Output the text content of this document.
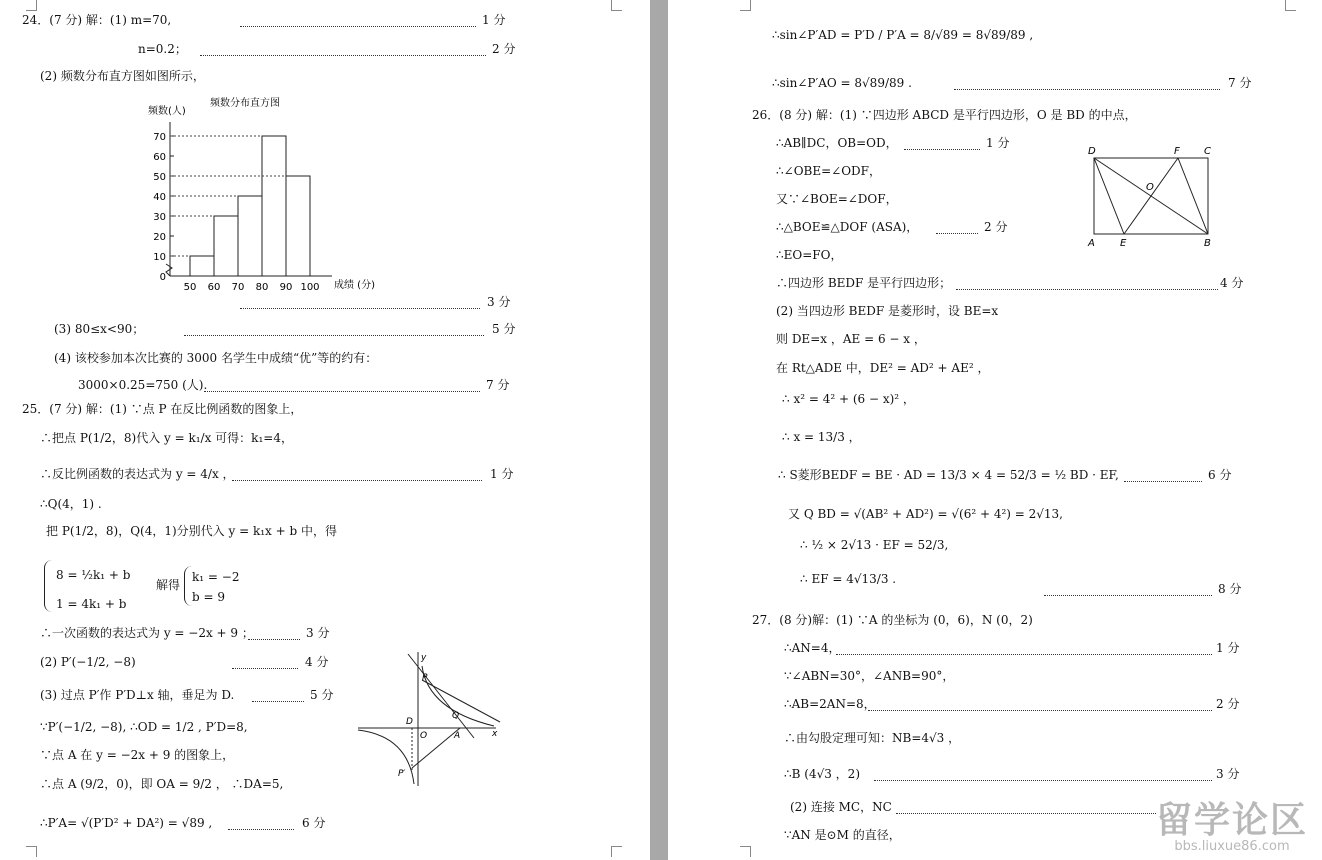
24．(7 分) 解：(1) m=70,	1 分
n=0.2；	2 分
(2) 频数分布直方图如图所示，
频数(人)
频数分布直方图
成绩 (分)
0
10
20
30
40
50
60
70
50 60 70 80 90 100
3 分
(3) 80≤x<90；	5 分
(4) 该校参加本次比赛的 3000 名学生中成绩“优”等的约有：
3000×0.25=750 (人).	7 分
25．(7 分) 解：(1) ∵点 P 在反比例函数的图象上，
∴把点 P(1/2，8)代入 y = k₁/x 可得：k₁=4，
∴反比例函数的表达式为 y = 4/x ，	1 分
∴Q(4，1) .
把 P(1/2，8)，Q(4，1)分别代入 y = k₁x + b 中，得
8 = ½k₁ + b
1 = 4k₁ + b
解得
k₁ = −2
b = 9
∴一次函数的表达式为 y = −2x + 9 ；	3 分
(2) P′(−1/2, −8)	4 分
(3) 过点 P′作 P′D⊥x 轴，垂足为 D.	5 分
∵P′(−1/2, −8), ∴OD = 1/2 , P′D=8,
∵点 A 在 y = −2x + 9 的图象上，
∴点 A (9/2，0)，即 OA = 9/2 ， ∴DA=5,
∴P′A= √(P′D² + DA²) = √89 ,	6 分
x
y
P
P′
Q
D
O	A
∴sin∠P′AD = P′D / P′A = 8/√89 = 8√89/89 ,
∴sin∠P′AO = 8√89/89 .	7 分
26．(8 分) 解：(1) ∵四边形 ABCD 是平行四边形，O 是 BD 的中点，
∴AB∥DC，OB=OD，	1 分
∴∠OBE=∠ODF，
又∵∠BOE=∠DOF，
∴△BOE≌△DOF (ASA)，	2 分
∴EO=FO，
∴四边形 BEDF 是平行四边形；	4 分
(2) 当四边形 BEDF 是菱形时，设 BE=x
则 DE=x ，AE = 6 − x ，
在 Rt△ADE 中，DE² = AD² + AE² ，
∴ x² = 4² + (6 − x)² ，
∴ x = 13/3 ，
∴ S菱形BEDF = BE · AD = 13/3 × 4 = 52/3 = ½ BD · EF,	6 分
又 Q BD = √(AB² + AD²) = √(6² + 4²) = 2√13,
∴ ½ × 2√13 · EF = 52/3,
∴ EF = 4√13/3 .
8 分
D	F C
O
A	E	B
27．(8 分)解：(1) ∵A 的坐标为 (0，6)，N (0，2)
∴AN=4，	1 分
∵∠ABN=30°，∠ANB=90°，
∴AB=2AN=8，	2 分
∴由勾股定理可知：NB=4√3 ，
∴B (4√3 ，2)	3 分
(2) 连接 MC，NC
∵AN 是⊙M 的直径，	留学论区
bbs.liuxue86.com
